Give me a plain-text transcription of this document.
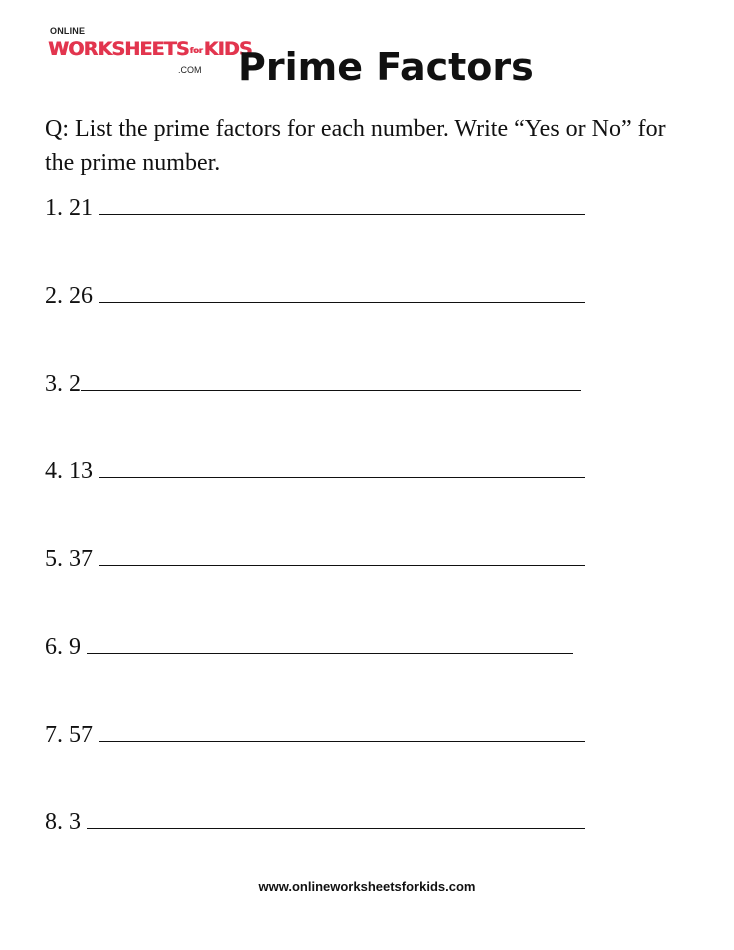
ONLINE
WORKSHEETSforKIDS
.COM Prime Factors

Q: List the prime factors for each number. Write “Yes or No” for the prime number.

1. 21
2. 26
3. 2
4. 13
5. 37
6. 9
7. 57
8. 3
www.onlineworksheetsforkids.com
